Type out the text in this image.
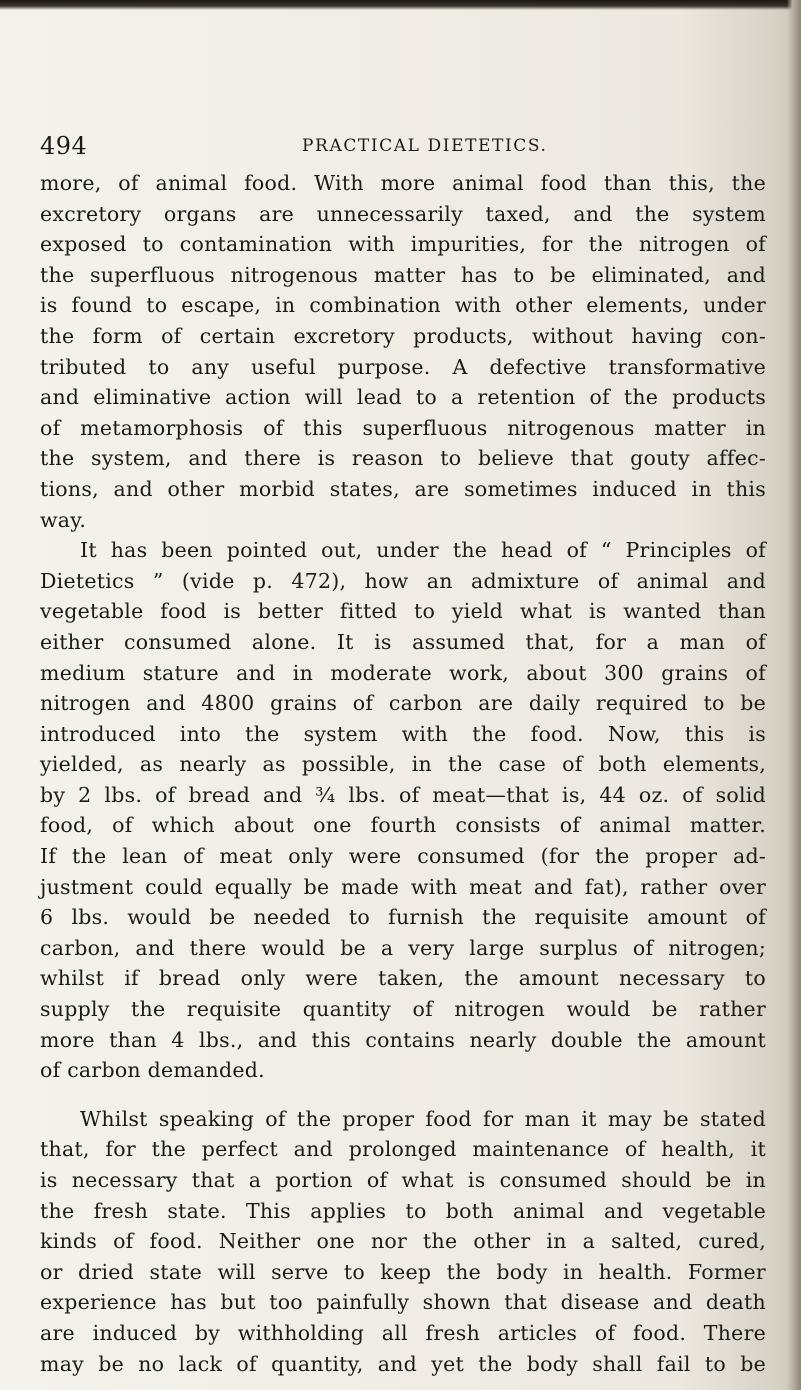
494	PRACTICAL DIETETICS.
more, of animal food. With more animal food than this, the
excretory organs are unnecessarily taxed, and the system
exposed to contamination with impurities, for the nitrogen of
the superfluous nitrogenous matter has to be eliminated, and
is found to escape, in combination with other elements, under
the form of certain excretory products, without having con-
tributed to any useful purpose. A defective transformative
and eliminative action will lead to a retention of the products
of metamorphosis of this superfluous nitrogenous matter in
the system, and there is reason to believe that gouty affec-
tions, and other morbid states, are sometimes induced in this
way.
It has been pointed out, under the head of “ Principles of
Dietetics ” (vide p. 472), how an admixture of animal and
vegetable food is better fitted to yield what is wanted than
either consumed alone. It is assumed that, for a man of
medium stature and in moderate work, about 300 grains of
nitrogen and 4800 grains of carbon are daily required to be
introduced into the system with the food. Now, this is
yielded, as nearly as possible, in the case of both elements,
by 2 lbs. of bread and ¾ lbs. of meat—that is, 44 oz. of solid
food, of which about one fourth consists of animal matter.
If the lean of meat only were consumed (for the proper ad-
justment could equally be made with meat and fat), rather over
6 lbs. would be needed to furnish the requisite amount of
carbon, and there would be a very large surplus of nitrogen;
whilst if bread only were taken, the amount necessary to
supply the requisite quantity of nitrogen would be rather
more than 4 lbs., and this contains nearly double the amount
of carbon demanded.
Whilst speaking of the proper food for man it may be stated
that, for the perfect and prolonged maintenance of health, it
is necessary that a portion of what is consumed should be in
the fresh state. This applies to both animal and vegetable
kinds of food. Neither one nor the other in a salted, cured,
or dried state will serve to keep the body in health. Former
experience has but too painfully shown that disease and death
are induced by withholding all fresh articles of food. There
may be no lack of quantity, and yet the body shall fail to be
